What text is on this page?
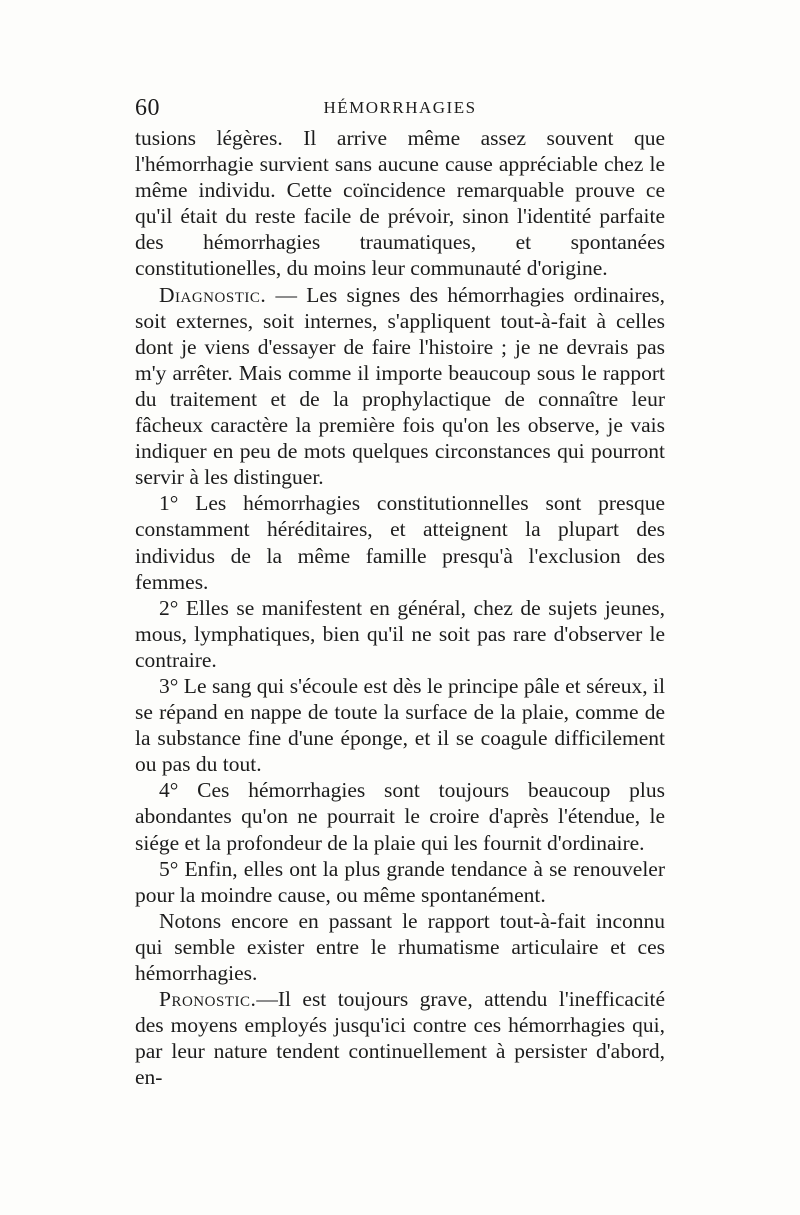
60	HÉMORRHAGIES

tusions légères. Il arrive même assez souvent que l'hémorrhagie survient sans aucune cause appréciable chez le même individu. Cette coïncidence remarquable prouve ce qu'il était du reste facile de prévoir, sinon l'identité parfaite des hémorrhagies traumatiques, et spontanées constitutionelles, du moins leur communauté d'origine.

Diagnostic. — Les signes des hémorrhagies ordinaires, soit externes, soit internes, s'appliquent tout-à-fait à celles dont je viens d'essayer de faire l'histoire ; je ne devrais pas m'y arrêter. Mais comme il importe beaucoup sous le rapport du traitement et de la prophylactique de connaître leur fâcheux caractère la première fois qu'on les observe, je vais indiquer en peu de mots quelques circonstances qui pourront servir à les distinguer.

1° Les hémorrhagies constitutionnelles sont presque constamment héréditaires, et atteignent la plupart des individus de la même famille presqu'à l'exclusion des femmes.

2° Elles se manifestent en général, chez de sujets jeunes, mous, lymphatiques, bien qu'il ne soit pas rare d'observer le contraire.

3° Le sang qui s'écoule est dès le principe pâle et séreux, il se répand en nappe de toute la surface de la plaie, comme de la substance fine d'une éponge, et il se coagule difficilement ou pas du tout.

4° Ces hémorrhagies sont toujours beaucoup plus abondantes qu'on ne pourrait le croire d'après l'étendue, le siége et la profondeur de la plaie qui les fournit d'ordinaire.

5° Enfin, elles ont la plus grande tendance à se renouveler pour la moindre cause, ou même spontanément.

Notons encore en passant le rapport tout-à-fait inconnu qui semble exister entre le rhumatisme articulaire et ces hémorrhagies.

Pronostic.—Il est toujours grave, attendu l'inefficacité des moyens employés jusqu'ici contre ces hémorrhagies qui, par leur nature tendent continuellement à persister d'abord, en-
